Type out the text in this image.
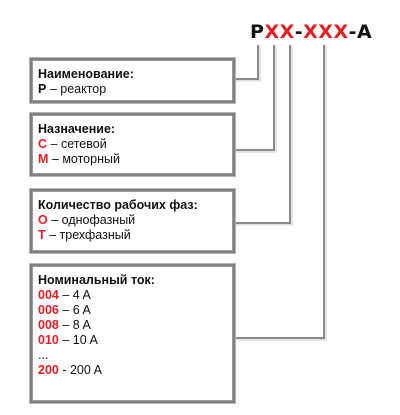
PXX-XXX-A
Наименование:
P – реактор
Назначение:
C – сетевой
M – моторный
Количество рабочих фаз:
O – однофазный
T – трехфазный
Номинальный ток:
004 – 4 A
006 – 6 A
008 – 8 A
010 – 10 A
...
200 - 200 A
